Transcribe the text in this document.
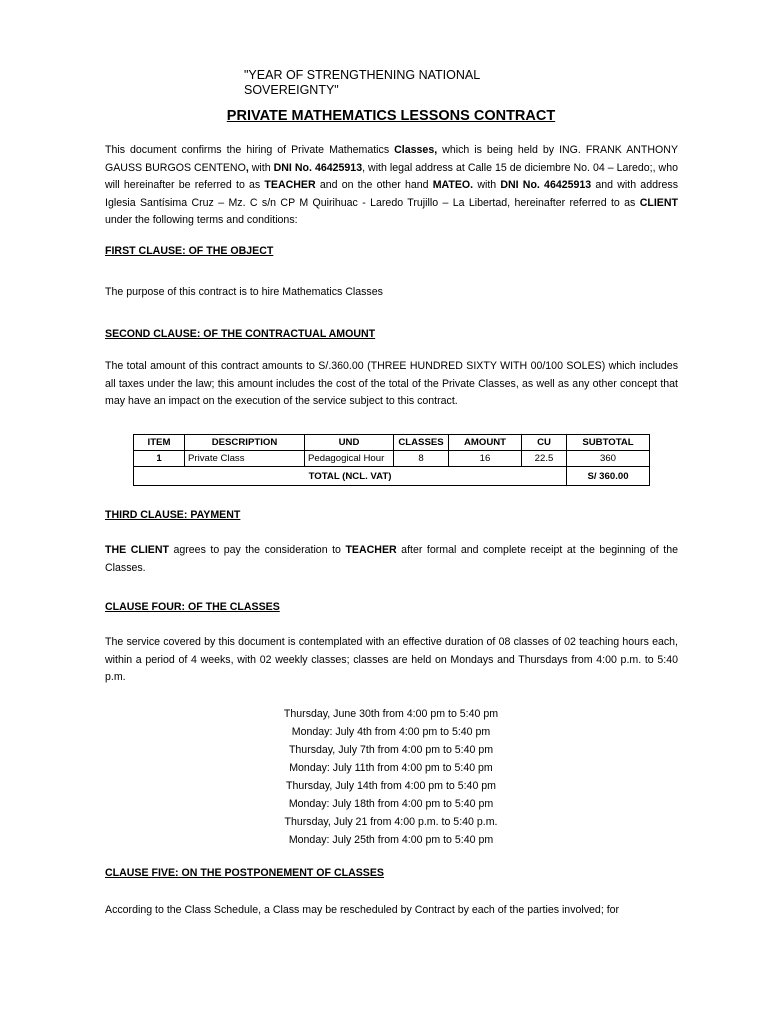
"YEAR OF STRENGTHENING NATIONAL SOVEREIGNTY"
PRIVATE MATHEMATICS LESSONS CONTRACT
This document confirms the hiring of Private Mathematics Classes, which is being held by ING. FRANK ANTHONY GAUSS BURGOS CENTENO, with DNI No. 46425913, with legal address at Calle 15 de diciembre No. 04 – Laredo;, who will hereinafter be referred to as TEACHER and on the other hand MATEO. with DNI No. 46425913 and with address Iglesia Santísima Cruz – Mz. C s/n CP M Quirihuac - Laredo Trujillo – La Libertad, hereinafter referred to as CLIENT under the following terms and conditions:
FIRST CLAUSE: OF THE OBJECT
The purpose of this contract is to hire Mathematics Classes
SECOND CLAUSE: OF THE CONTRACTUAL AMOUNT
The total amount of this contract amounts to S/.360.00 (THREE HUNDRED SIXTY WITH 00/100 SOLES) which includes all taxes under the law; this amount includes the cost of the total of the Private Classes, as well as any other concept that may have an impact on the execution of the service subject to this contract.
ITEM	DESCRIPTION	UND	CLASSES	AMOUNT	CU	SUBTOTAL
1	Private Class	Pedagogical Hour	8	16	22.5	360
TOTAL (NCL. VAT)						S/ 360.00
THIRD CLAUSE: PAYMENT
THE CLIENT agrees to pay the consideration to TEACHER after formal and complete receipt at the beginning of the Classes.
CLAUSE FOUR: OF THE CLASSES
The service covered by this document is contemplated with an effective duration of 08 classes of 02 teaching hours each, within a period of 4 weeks, with 02 weekly classes; classes are held on Mondays and Thursdays from 4:00 p.m. to 5:40 p.m.
Thursday, June 30th from 4:00 pm to 5:40 pm
Monday: July 4th from 4:00 pm to 5:40 pm
Thursday, July 7th from 4:00 pm to 5:40 pm
Monday: July 11th from 4:00 pm to 5:40 pm
Thursday, July 14th from 4:00 pm to 5:40 pm
Monday: July 18th from 4:00 pm to 5:40 pm
Thursday, July 21 from 4:00 p.m. to 5:40 p.m.
Monday: July 25th from 4:00 pm to 5:40 pm
CLAUSE FIVE: ON THE POSTPONEMENT OF CLASSES
According to the Class Schedule, a Class may be rescheduled by Contract by each of the parties involved; for
